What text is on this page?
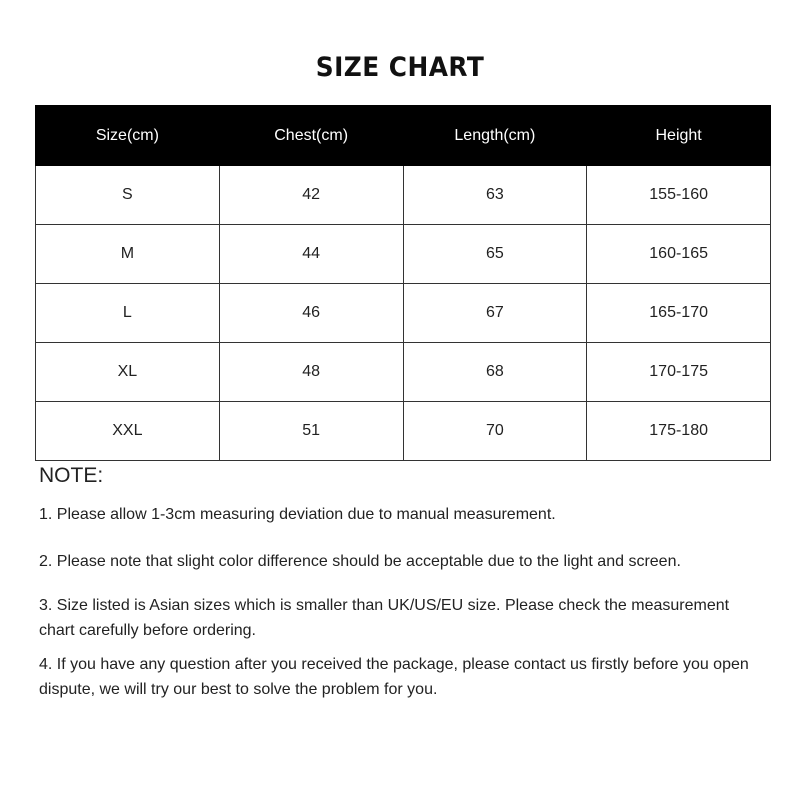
SIZE CHART
Size(cm)	Chest(cm)	Length(cm)	Height
S	42	63	155-160
M	44	65	160-165
L	46	67	165-170
XL	48	68	170-175
XXL	51	70	175-180

NOTE:

1. Please allow 1-3cm measuring deviation due to manual measurement.

2. Please note that slight color difference should be acceptable due to the light and screen.

3. Size listed is Asian sizes which is smaller than UK/US/EU size. Please check the measurement chart carefully before ordering.

4. If you have any question after you received the package, please contact us firstly before you open dispute, we will try our best to solve the problem for you.
